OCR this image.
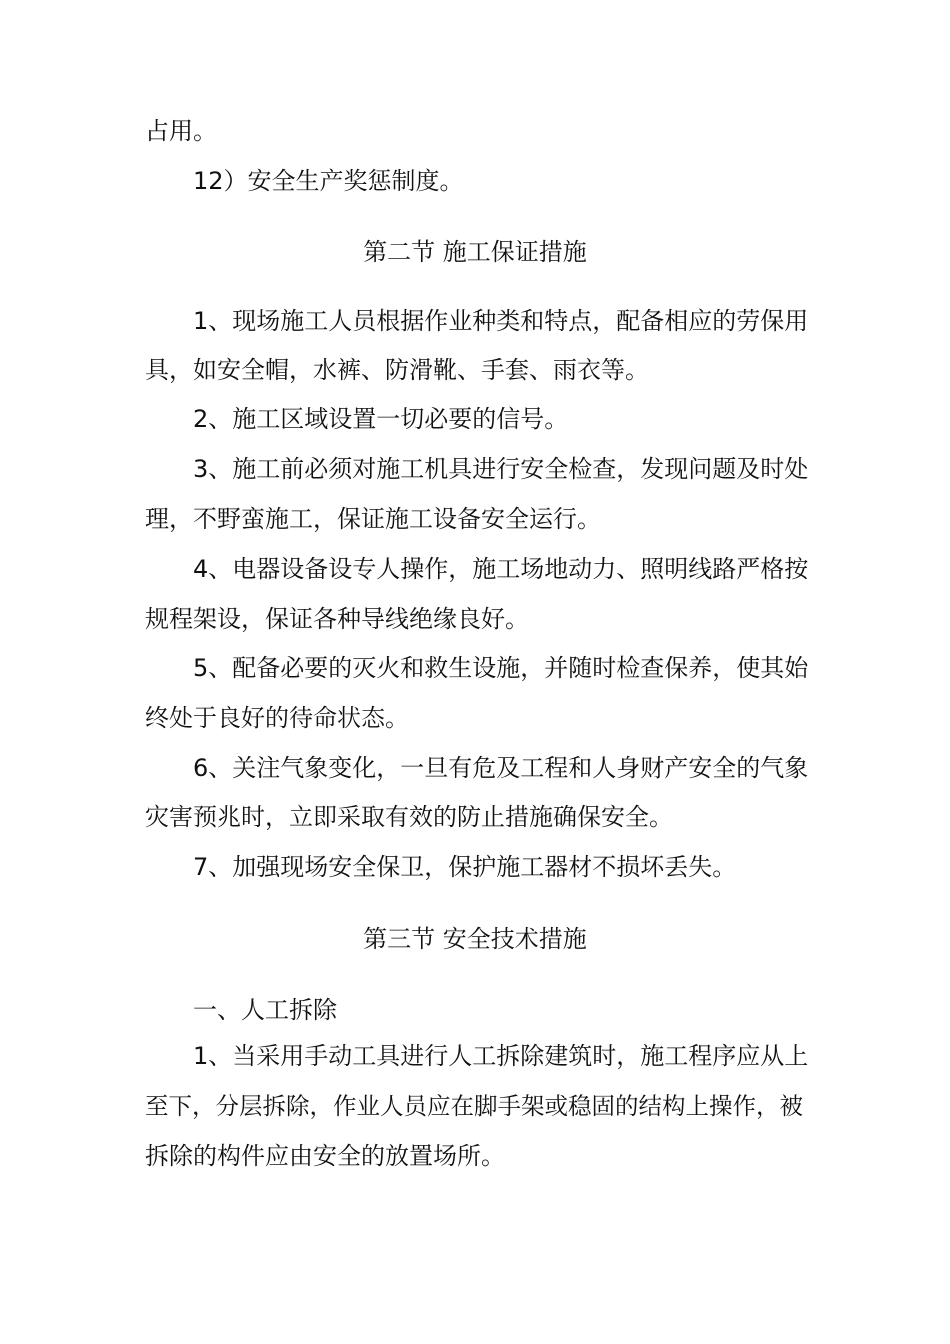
占用。
12）安全生产奖惩制度。
第二节 施工保证措施
1、现场施工人员根据作业种类和特点，配备相应的劳保用
具，如安全帽，水裤、防滑靴、手套、雨衣等。
2、施工区域设置一切必要的信号。
3、施工前必须对施工机具进行安全检查，发现问题及时处
理，不野蛮施工，保证施工设备安全运行。
4、电器设备设专人操作，施工场地动力、照明线路严格按
规程架设，保证各种导线绝缘良好。
5、配备必要的灭火和救生设施，并随时检查保养，使其始
终处于良好的待命状态。
6、关注气象变化，一旦有危及工程和人身财产安全的气象
灾害预兆时，立即采取有效的防止措施确保安全。
7、加强现场安全保卫，保护施工器材不损坏丢失。
第三节 安全技术措施
一、人工拆除
1、当采用手动工具进行人工拆除建筑时，施工程序应从上
至下，分层拆除，作业人员应在脚手架或稳固的结构上操作，被
拆除的构件应由安全的放置场所。
